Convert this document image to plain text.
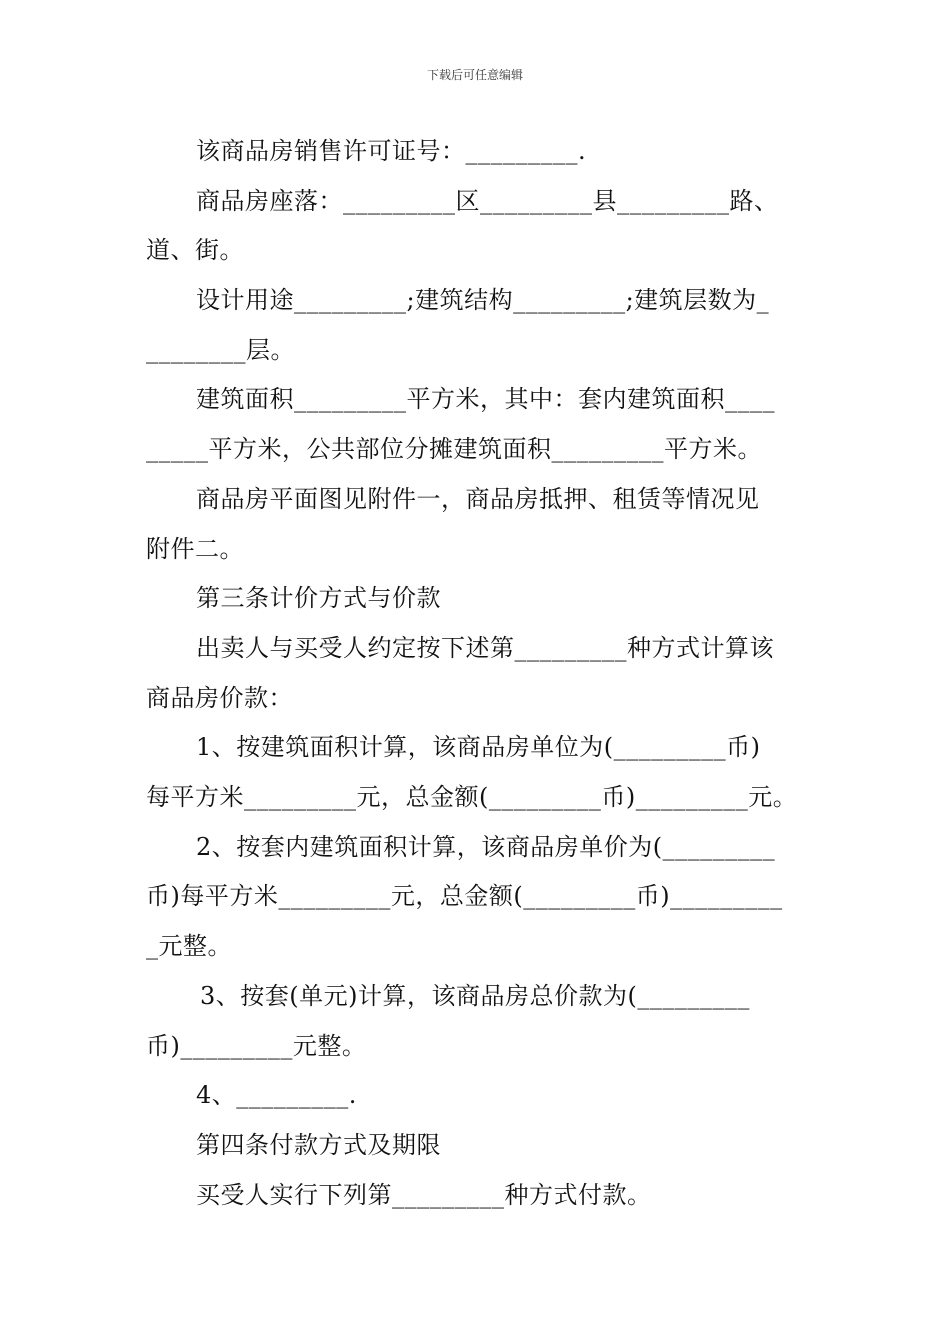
下载后可任意编辑
该商品房销售许可证号：_________.
商品房座落：_________区_________县_________路、
道、街。
设计用途_________;建筑结构_________;建筑层数为_
________层。
建筑面积_________平方米，其中：套内建筑面积____
_____平方米，公共部位分摊建筑面积_________平方米。
商品房平面图见附件一，商品房抵押、租赁等情况见
附件二。
第三条计价方式与价款
出卖人与买受人约定按下述第_________种方式计算该
商品房价款：
1、按建筑面积计算，该商品房单位为(_________币)
每平方米_________元，总金额(_________币)_________元。
2、按套内建筑面积计算，该商品房单价为(_________
币)每平方米_________元，总金额(_________币)_________
_元整。
3、按套(单元)计算，该商品房总价款为(_________
币)_________元整。
4、_________.
第四条付款方式及期限
买受人实行下列第_________种方式付款。
